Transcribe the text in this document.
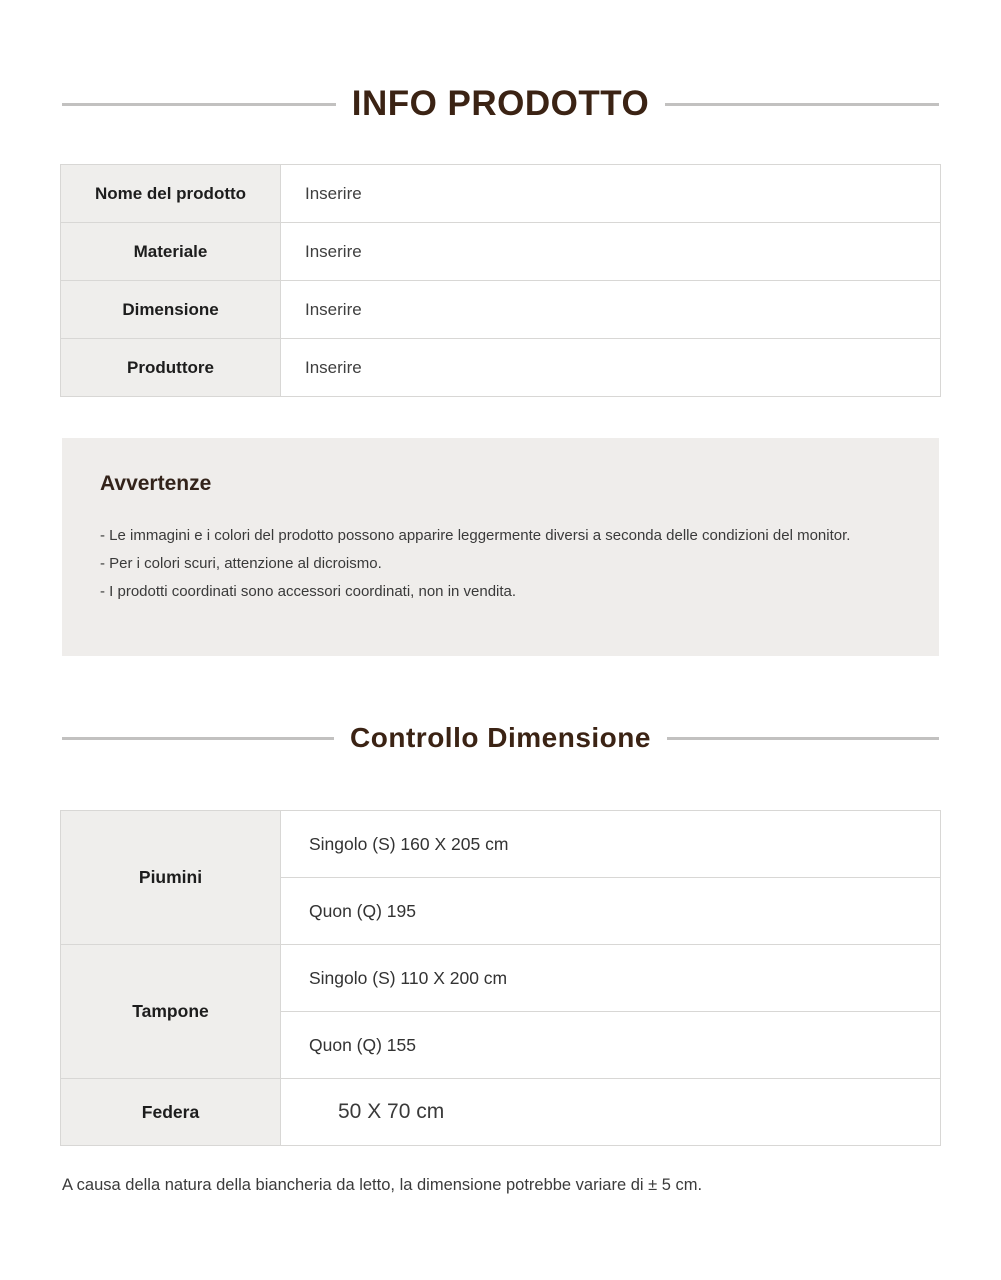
INFO PRODOTTO
Nome del prodotto	Inserire
Materiale	Inserire
Dimensione	Inserire
Produttore	Inserire
Avvertenze
- Le immagini e i colori del prodotto possono apparire leggermente diversi a seconda delle condizioni del monitor.
- Per i colori scuri, attenzione al dicroismo.
- I prodotti coordinati sono accessori coordinati, non in vendita.
Controllo Dimensione
Piumini	Singolo (S) 160 X 205 cm
	Quon (Q) 195
Tampone	Singolo (S) 110 X 200 cm
	Quon (Q) 155
Federa	50 X 70 cm
A causa della natura della biancheria da letto, la dimensione potrebbe variare di ± 5 cm.
